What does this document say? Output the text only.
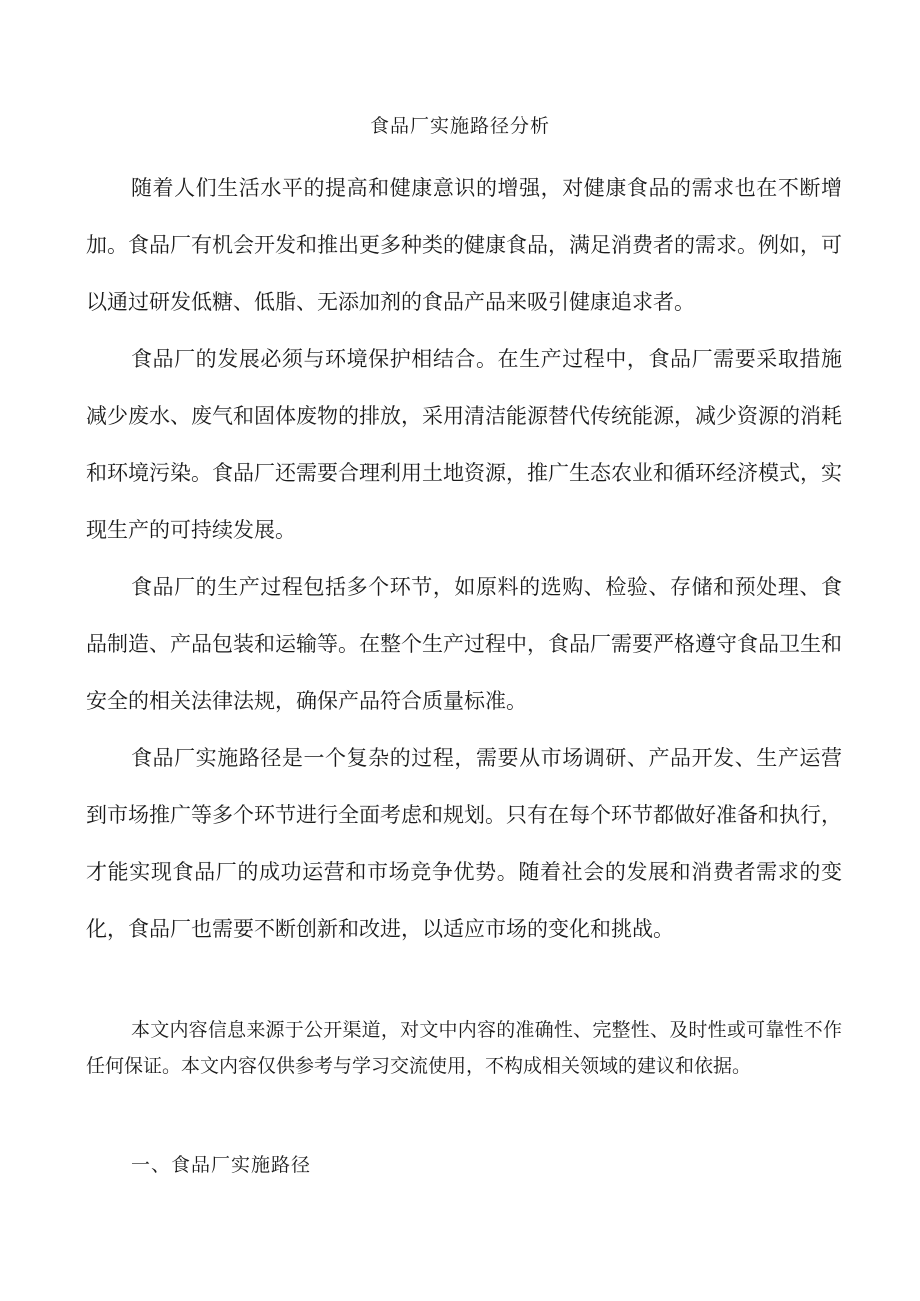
食品厂实施路径分析

随着人们生活水平的提高和健康意识的增强，对健康食品的需求也在不断增加。食品厂有机会开发和推出更多种类的健康食品，满足消费者的需求。例如，可以通过研发低糖、低脂、无添加剂的食品产品来吸引健康追求者。

食品厂的发展必须与环境保护相结合。在生产过程中，食品厂需要采取措施减少废水、废气和固体废物的排放，采用清洁能源替代传统能源，减少资源的消耗和环境污染。食品厂还需要合理利用土地资源，推广生态农业和循环经济模式，实现生产的可持续发展。

食品厂的生产过程包括多个环节，如原料的选购、检验、存储和预处理、食品制造、产品包装和运输等。在整个生产过程中，食品厂需要严格遵守食品卫生和安全的相关法律法规，确保产品符合质量标准。

食品厂实施路径是一个复杂的过程，需要从市场调研、产品开发、生产运营到市场推广等多个环节进行全面考虑和规划。只有在每个环节都做好准备和执行，才能实现食品厂的成功运营和市场竞争优势。随着社会的发展和消费者需求的变化，食品厂也需要不断创新和改进，以适应市场的变化和挑战。

本文内容信息来源于公开渠道，对文中内容的准确性、完整性、及时性或可靠性不作任何保证。本文内容仅供参考与学习交流使用，不构成相关领域的建议和依据。

一、食品厂实施路径
